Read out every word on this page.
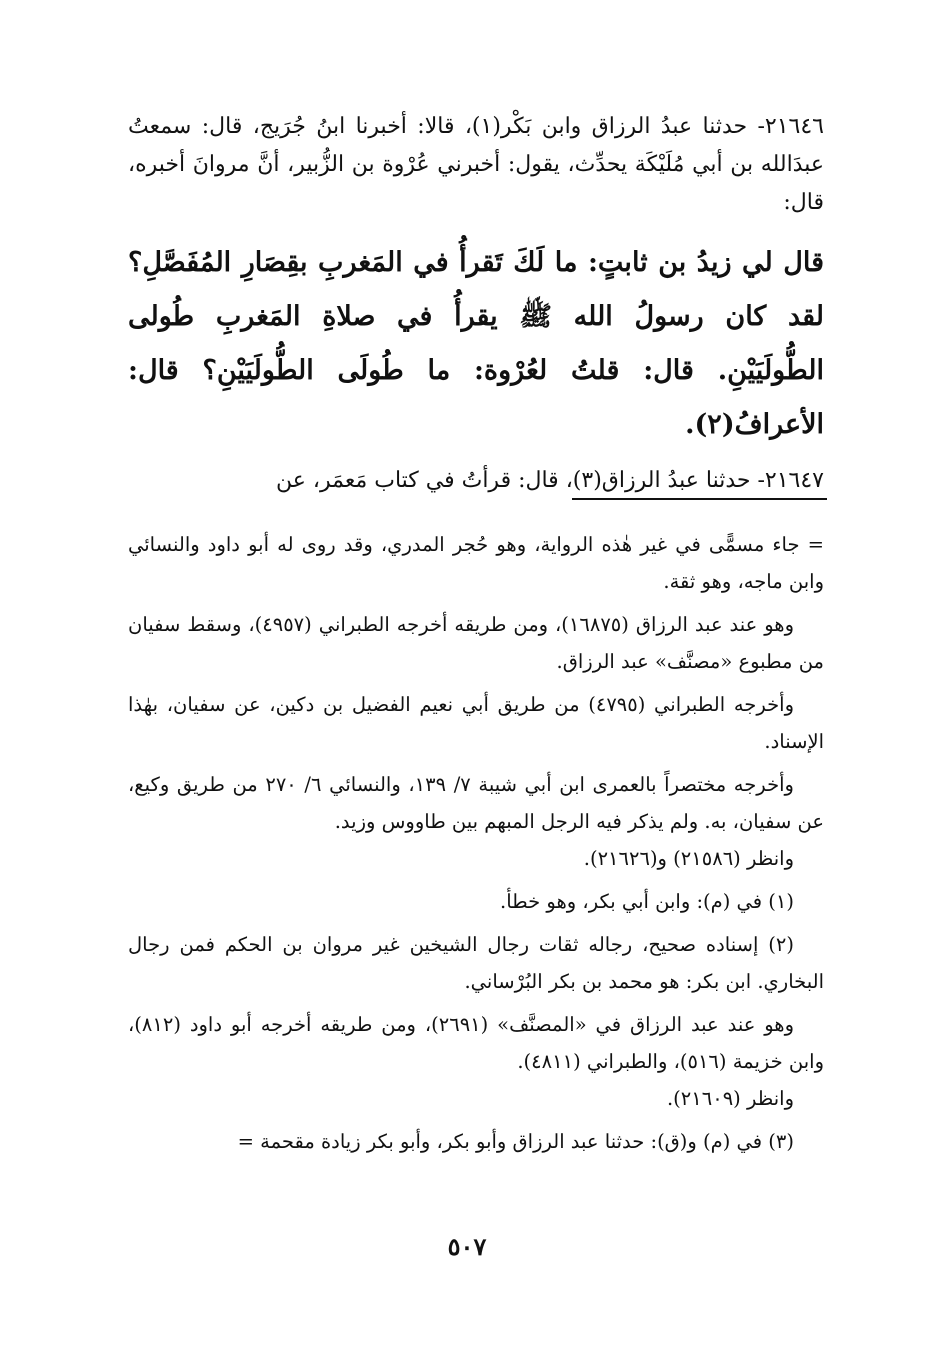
٢١٦٤٦- حدثنا عبدُ الرزاق وابن بَكْر(١)، قالا: أخبرنا ابنُ جُرَيج، قال: سمعتُ عبدَالله بن أبي مُلَيْكَة يحدِّث، يقول: أخبرني عُرْوة بن الزُّبير، أنَّ مروانَ أخبره، قال:

قال لي زيدُ بن ثابتٍ: ما لَكَ تَقرأُ في المَغربِ بقِصَارِ المُفَصَّلِ؟ لقد كان رسولُ الله ﷺ يقرأُ في صلاةِ المَغربِ طُولى الطُّولَيَيْنِ. قال: قلتُ لعُرْوة: ما طُولَى الطُّولَيَيْنِ؟ قال: الأعرافُ(٢).

٢١٦٤٧- حدثنا عبدُ الرزاق(٣)، قال: قرأتُ في كتاب مَعمَر، عن

= جاء مسمًّى في غير هٰذه الرواية، وهو حُجر المدري، وقد روى له أبو داود والنسائي وابن ماجه، وهو ثقة.

وهو عند عبد الرزاق (١٦٨٧٥)، ومن طريقه أخرجه الطبراني (٤٩٥٧)، وسقط سفيان من مطبوع «مصنَّف» عبد الرزاق.

وأخرجه الطبراني (٤٧٩٥) من طريق أبي نعيم الفضيل بن دكين، عن سفيان، بهٰذا الإسناد.

وأخرجه مختصراً بالعمرى ابن أبي شيبة ٧/ ١٣٩، والنسائي ٦/ ٢٧٠ من طريق وكيع، عن سفيان، به. ولم يذكر فيه الرجل المبهم بين طاووس وزيد.

وانظر (٢١٥٨٦) و(٢١٦٢٦).

(١) في (م): وابن أبي بكر، وهو خطأ.

(٢) إسناده صحيح، رجاله ثقات رجال الشيخين غير مروان بن الحكم فمن رجال البخاري. ابن بكر: هو محمد بن بكر البُرْساني.

وهو عند عبد الرزاق في «المصنَّف» (٢٦٩١)، ومن طريقه أخرجه أبو داود (٨١٢)، وابن خزيمة (٥١٦)، والطبراني (٤٨١١).

وانظر (٢١٦٠٩).

(٣) في (م) و(ق): حدثنا عبد الرزاق وأبو بكر، وأبو بكر زيادة مقحمة =

٥٠٧
